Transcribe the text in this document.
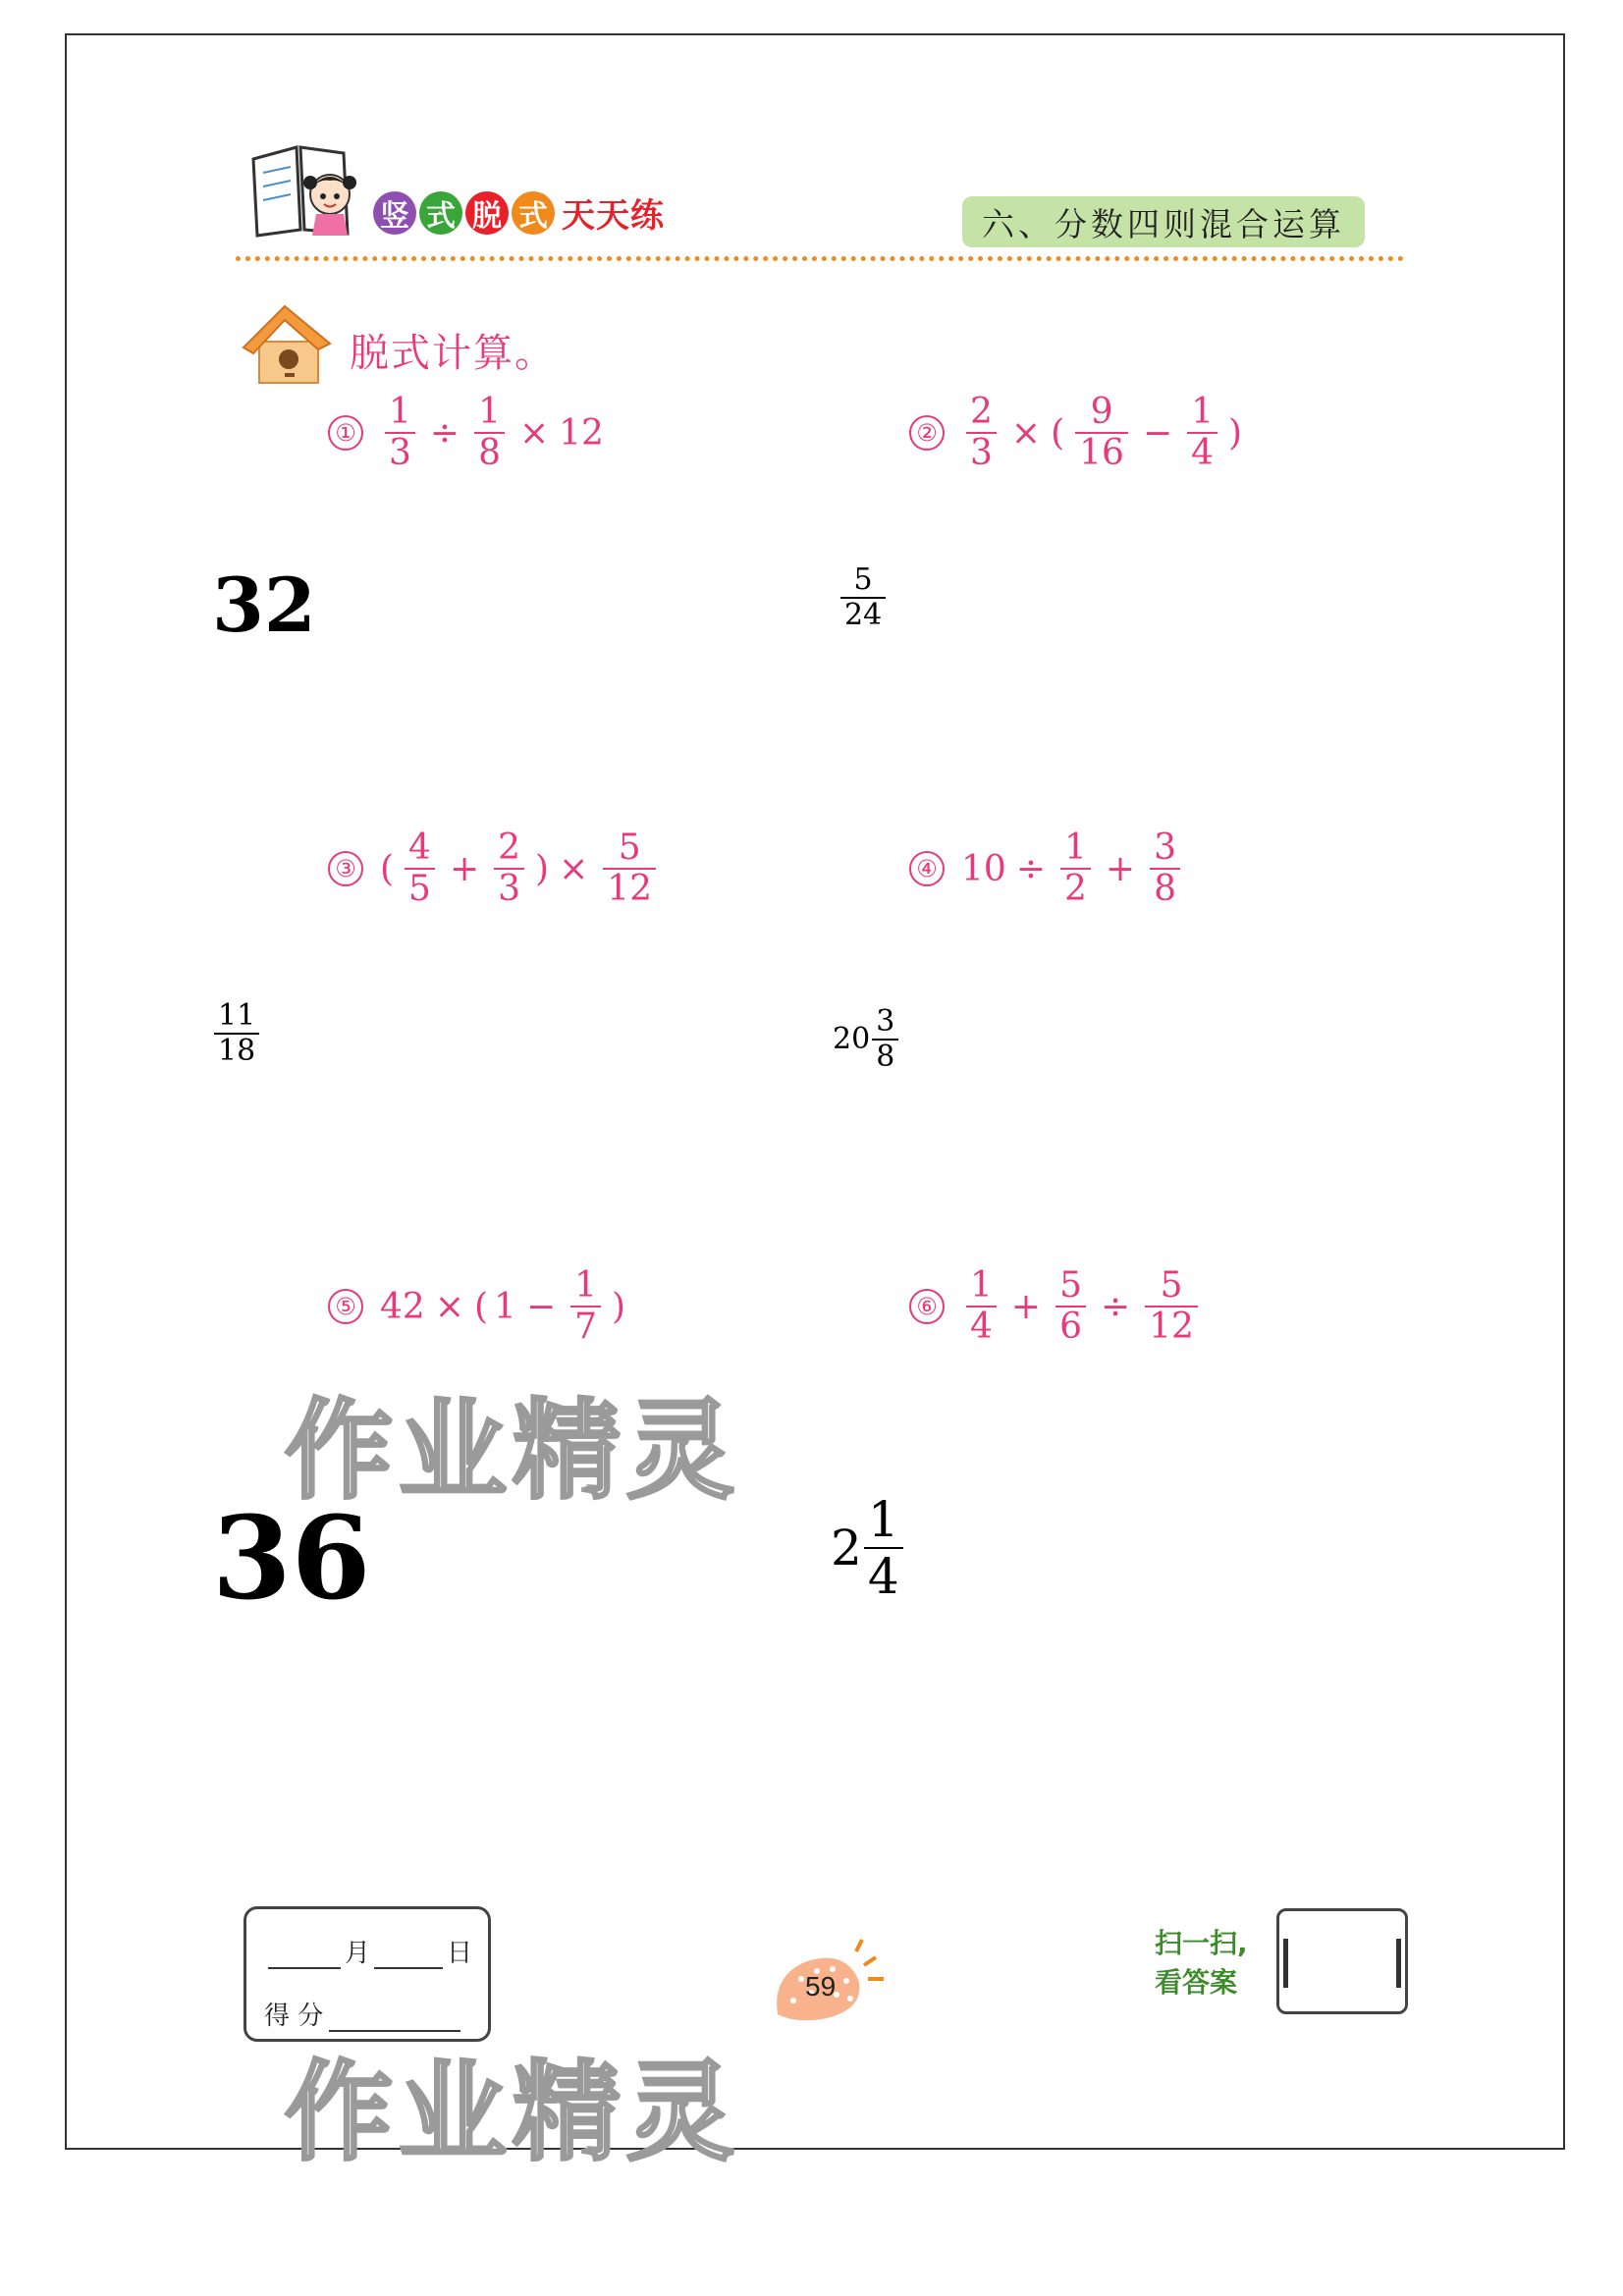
竖 式 脱 式 天天练	六、分数四则混合运算
脱式计算。
① $\frac{1}{3} \div \frac{1}{8} \times 12$	② $\frac{2}{3}$ × ( $\frac{9}{16} - \frac{1}{4}$ )
32	$\frac{5}{24}$
③ ( $\frac{4}{5} + \frac{2}{3}$ ) × $\frac{5}{12}$	④ $10 \div \frac{1}{2} + \frac{3}{8}$
$\frac{11}{18}$	$20 \frac{3}{8}$
⑤ 42 × ( $1 - \frac{1}{7}$ )	⑥ $\frac{1}{4} + \frac{5}{6} \div \frac{5}{12}$
作业精灵
36	$2 \frac{1}{4}$
月	日
得 分
59
扫一扫,
看答案
作业精灵
